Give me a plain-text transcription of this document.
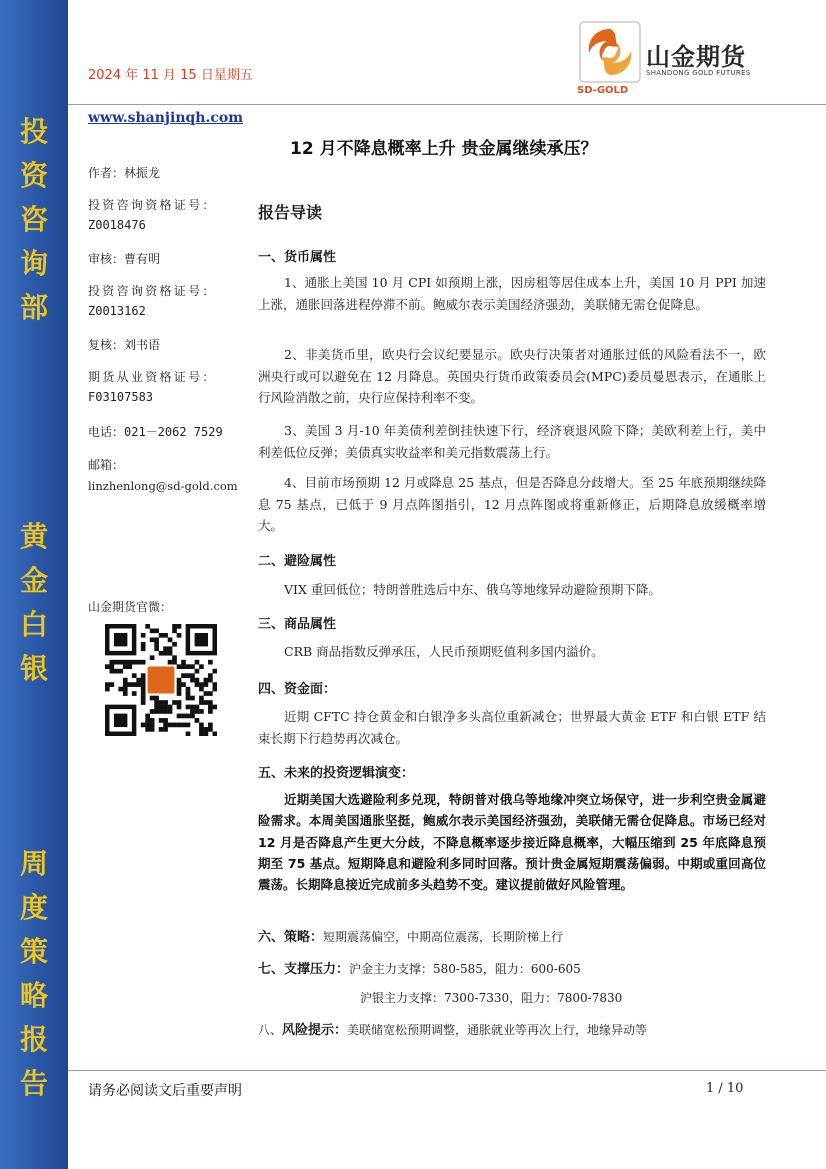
投
资
咨
询
部
黄
金
白
银
周
度
策
略
报
告
2024 年 11 月 15 日星期五
山金期货
SHANDONG GOLD FUTURES
SD-GOLD
www.shanjinqh.com
12 月不降息概率上升 贵金属继续承压？
作者：林振龙
投资咨询资格证号：
Z0018476
审核：曹有明
投资咨询资格证号：
Z0013162
复核：刘书语
期货从业资格证号：
F03107583
电话：021－2062 7529
邮箱：
linzhenlong@sd-gold.com
山金期货官微：
报告导读
一、货币属性
1、通胀上美国 10 月 CPI 如预期上涨，因房租等居住成本上升，美国 10 月 PPI 加速上涨，通胀回落进程停滞不前。鲍威尔表示美国经济强劲，美联储无需仓促降息。
2、非美货币里，欧央行会议纪要显示。欧央行决策者对通胀过低的风险看法不一，欧洲央行或可以避免在 12 月降息。英国央行货币政策委员会(MPC)委员曼恩表示，在通胀上行风险消散之前，央行应保持利率不变。
3、美国 3 月-10 年美债利差倒挂快速下行，经济衰退风险下降；美欧利差上行，美中利差低位反弹；美债真实收益率和美元指数震荡上行。
4、目前市场预期 12 月或降息 25 基点，但是否降息分歧增大。至 25 年底预期继续降息 75 基点，已低于 9 月点阵图指引，12 月点阵图或将重新修正，后期降息放缓概率增大。
二、避险属性
VIX 重回低位；特朗普胜选后中东、俄乌等地缘异动避险预期下降。
三、商品属性
CRB 商品指数反弹承压，人民币预期贬值利多国内溢价。
四、资金面：
近期 CFTC 持仓黄金和白银净多头高位重新减仓；世界最大黄金 ETF 和白银 ETF 结束长期下行趋势再次减仓。
五、未来的投资逻辑演变：
近期美国大选避险利多兑现，特朗普对俄乌等地缘冲突立场保守，进一步利空贵金属避险需求。本周美国通胀坚挺，鲍威尔表示美国经济强劲，美联储无需仓促降息。市场已经对 12 月是否降息产生更大分歧，不降息概率逐步接近降息概率，大幅压缩到 25 年底降息预期至 75 基点。短期降息和避险利多同时回落。预计贵金属短期震荡偏弱。中期或重回高位震荡。长期降息接近完成前多头趋势不变。建议提前做好风险管理。
六、策略：短期震荡偏空，中期高位震荡，长期阶梯上行
七、支撑压力：沪金主力支撑：580-585，阻力：600-605
沪银主力支撑：7300-7330，阻力：7800-7830
八、风险提示：美联储宽松预期调整，通胀就业等再次上行，地缘异动等
请务必阅读文后重要声明	1 / 10
